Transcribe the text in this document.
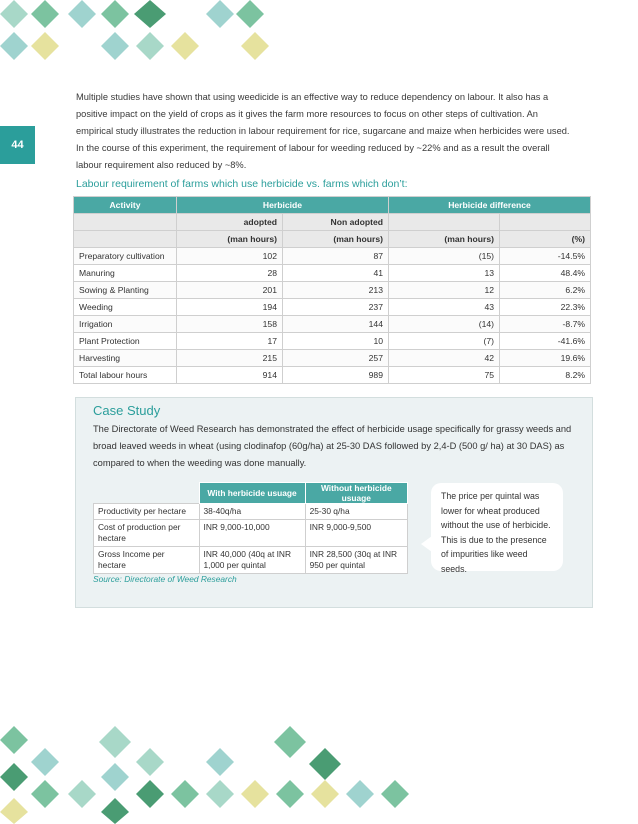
44
Multiple studies have shown that using weedicide is an effective way to reduce dependency on labour. It also has a positive impact on the yield of crops as it gives the farm more resources to focus on other steps of cultivation. An empirical study illustrates the reduction in labour requirement for rice, sugarcane and maize when herbicides were used. In the course of this experiment, the requirement of labour for weeding reduced by ~22% and as a result the overall labour requirement also reduced by ~8%.
Labour requirement of farms which use herbicide vs. farms which don’t:
Activity	Herbicide		Herbicide difference	
	adopted	Non adopted		
	(man hours)	(man hours)	(man hours)	(%)
Preparatory cultivation	102	87	(15)	-14.5%
Manuring	28	41	13	48.4%
Sowing & Planting	201	213	12	6.2%
Weeding	194	237	43	22.3%
Irrigation	158	144	(14)	-8.7%
Plant Protection	17	10	(7)	-41.6%
Harvesting	215	257	42	19.6%
Total labour hours	914	989	75	8.2%
Case Study
The Directorate of Weed Research has demonstrated the effect of herbicide usage specifically for grassy weeds and broad leaved weeds in wheat (using clodinafop (60g/ha) at 25-30 DAS followed by 2,4-D (500 g/ ha) at 30 DAS) as compared to when the weeding was done manually.
	With herbicide usuage	Without herbicide usuage
Productivity per hectare	38-40q/ha	25-30 q/ha
Cost of production per hectare	INR 9,000-10,000	INR 9,000-9,500
Gross Income per hectare	INR 40,000 (40q at INR 1,000 per quintal	INR 28,500 (30q at INR 950 per quintal
The price per quintal was lower for wheat produced without the use of herbicide. This is due to the presence of impurities like weed seeds.
Source: Directorate of Weed Research
